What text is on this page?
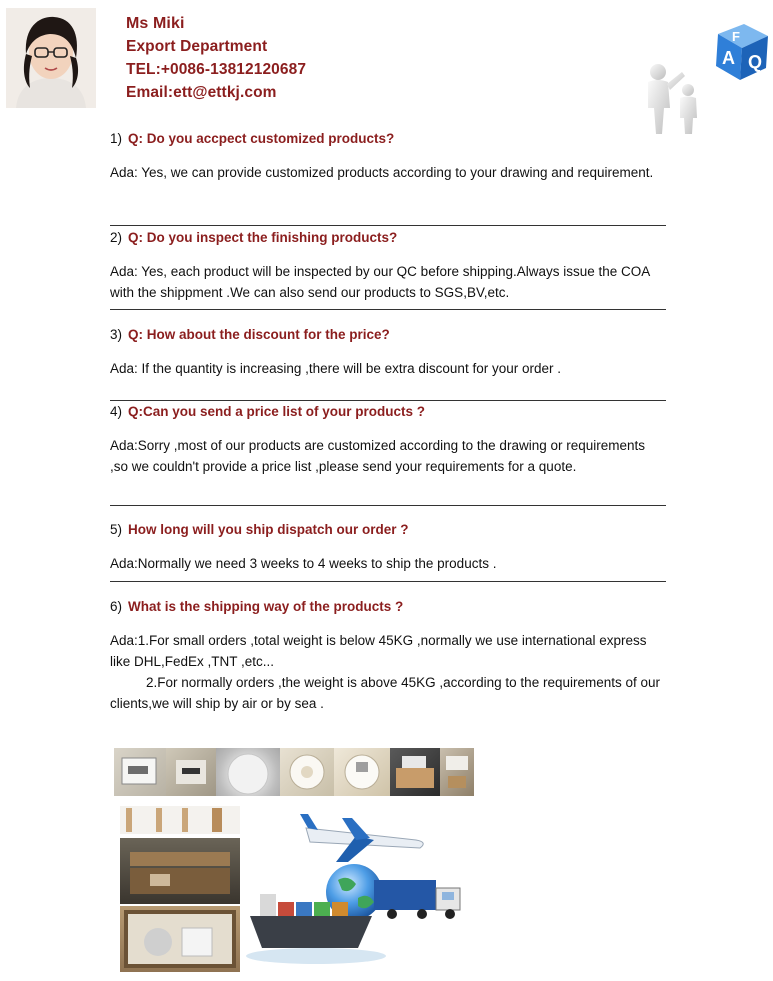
Ms Miki
Export Department
TEL:+0086-13812120687
Email:ett@ettkj.com
F
A Q
1) Q: Do you accpect customized products?
Ada: Yes, we can provide customized products according to your drawing and requirement.
2) Q: Do you inspect the finishing products?
Ada: Yes, each product will be inspected by our QC before shipping.Always issue the COA with the shippment .We can also send our products to SGS,BV,etc.
3) Q: How about the discount for the price?
Ada: If the quantity is increasing ,there will be extra discount for your order .
4) Q:Can you send a price list of your products ?
Ada:Sorry ,most of our products are customized according to the drawing or requirements ,so we couldn't provide a price list ,please send your requirements for a quote.
5) How long will you ship dispatch our order ?
Ada:Normally we need 3 weeks to 4 weeks to ship the products .
6) What is the shipping way of the products ?
Ada:1.For small orders ,total weight is below 45KG ,normally we use international express like DHL,FedEx ,TNT ,etc...
2.For normally orders ,the weight is above 45KG ,according to the requirements of our clients,we will ship by air or by sea .
